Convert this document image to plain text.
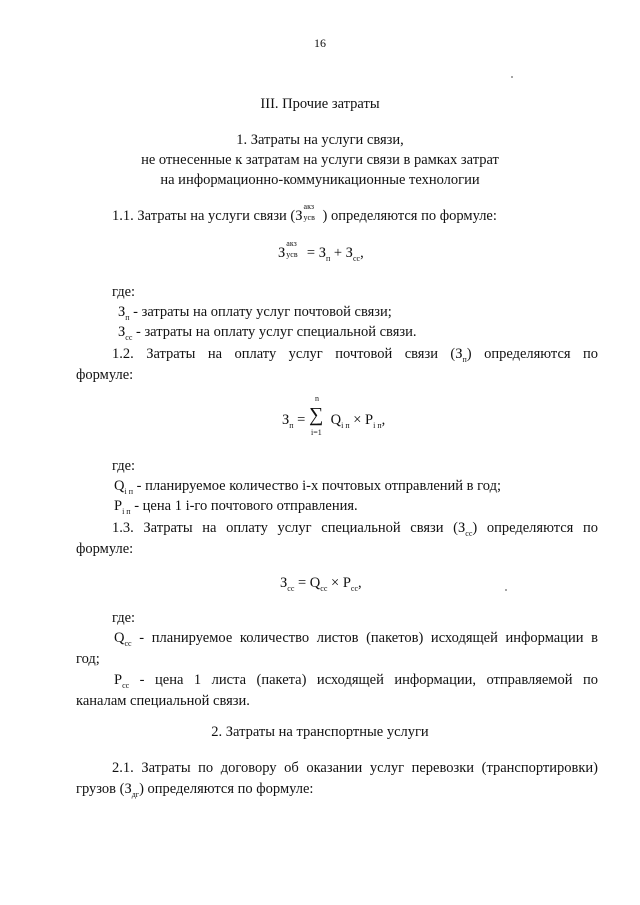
16
III. Прочие затраты
1. Затраты на услуги связи,
не отнесенные к затратам на услуги связи в рамках затрат
на информационно-коммуникационные технологии
1.1. Затраты на услуги связи (З
акз
усв ) определяются по формуле:
З
акз
усв = $З_п + З_{сс}$,
где:
$З_п$ - затраты на оплату услуг почтовой связи;
$З_{сс}$ - затраты на оплату услуг специальной связи.
1.2. Затраты на оплату услуг почтовой связи $(З_п)$ определяются по
формуле:
$З_п$ =
n
∑
i=1
$Q_{i п} \times P_{i п}$,
где:
$Q_{i п}$ - планируемое количество i-х почтовых отправлений в год;
$P_{i п}$ - цена 1 i-го почтового отправления.
1.3. Затраты на оплату услуг специальной связи $(З_{сс})$ определяются по
формуле:
$З_{сс} = Q_{сс} \times P_{сс}$,
где:
$Q_{сс}$ - планируемое количество листов (пакетов) исходящей информации в
год;
$P_{сс}$ - цена 1 листа (пакета) исходящей информации, отправляемой по
каналам специальной связи.
2. Затраты на транспортные услуги
2.1. Затраты по договору об оказании услуг перевозки (транспортировки)
грузов $(З_{дг})$ определяются по формуле:
